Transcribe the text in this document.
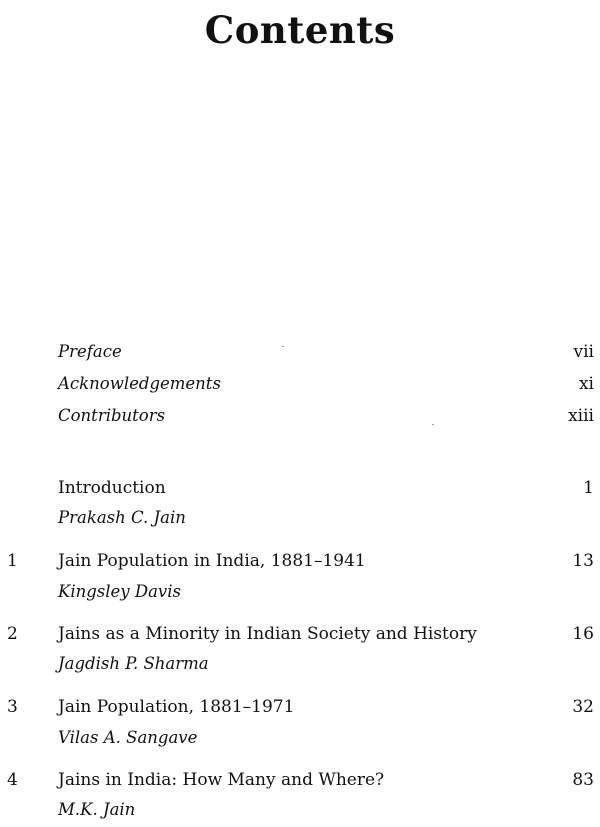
Contents
Preface	vii
Acknowledgements	xi
Contributors	xiii
Introduction	1
Prakash C. Jain
1 Jain Population in India, 1881–1941	13
Kingsley Davis
2 Jains as a Minority in Indian Society and History	16
Jagdish P. Sharma
3 Jain Population, 1881–1971	32
Vilas A. Sangave
4 Jains in India: How Many and Where?	83
M.K. Jain
